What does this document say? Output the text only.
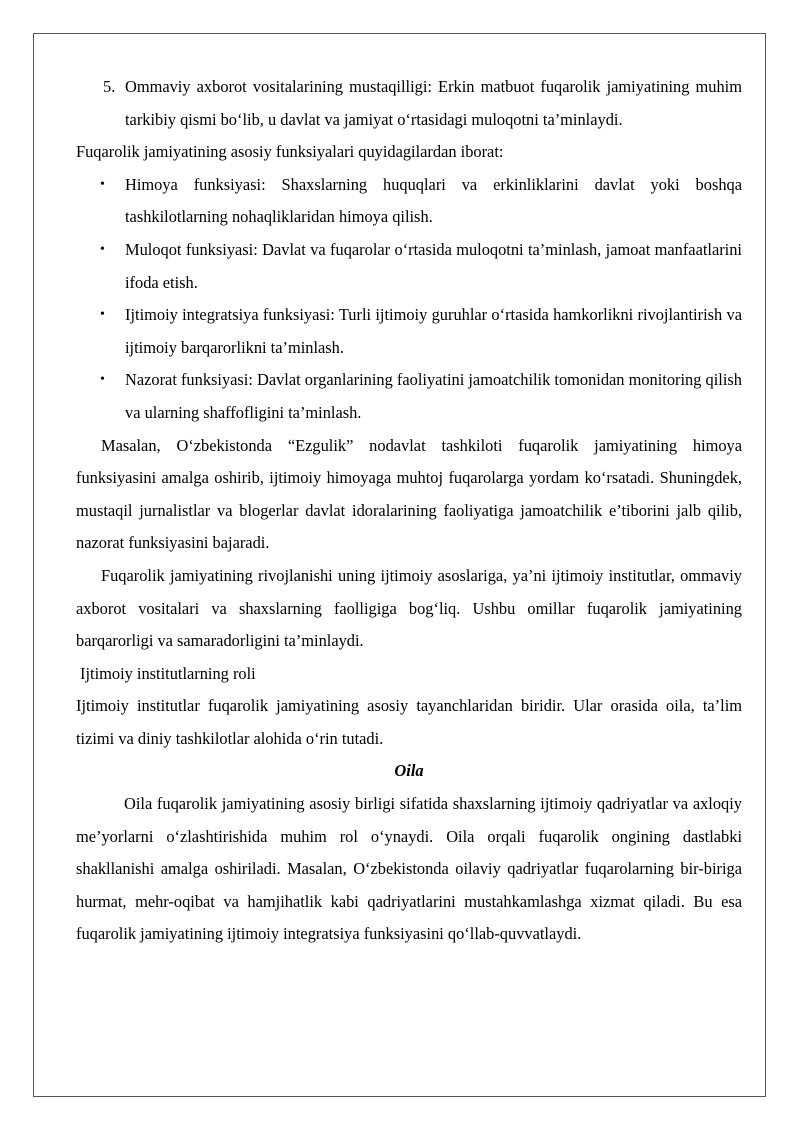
5. Ommaviy axborot vositalarining mustaqilligi: Erkin matbuot fuqarolik jamiyatining muhim tarkibiy qismi bo‘lib, u davlat va jamiyat o‘rtasidagi muloqotni ta’minlaydi.

Fuqarolik jamiyatining asosiy funksiyalari quyidagilardan iborat:

• Himoya funksiyasi: Shaxslarning huquqlari va erkinliklarini davlat yoki boshqa tashkilotlarning nohaqliklaridan himoya qilish.
• Muloqot funksiyasi: Davlat va fuqarolar o‘rtasida muloqotni ta’minlash, jamoat manfaatlarini ifoda etish.
• Ijtimoiy integratsiya funksiyasi: Turli ijtimoiy guruhlar o‘rtasida hamkorlikni rivojlantirish va ijtimoiy barqarorlikni ta’minlash.
• Nazorat funksiyasi: Davlat organlarining faoliyatini jamoatchilik tomonidan monitoring qilish va ularning shaffofligini ta’minlash.

Masalan, O‘zbekistonda “Ezgulik” nodavlat tashkiloti fuqarolik jamiyatining himoya funksiyasini amalga oshirib, ijtimoiy himoyaga muhtoj fuqarolarga yordam ko‘rsatadi. Shuningdek, mustaqil jurnalistlar va blogerlar davlat idoralarining faoliyatiga jamoatchilik e’tiborini jalb qilib, nazorat funksiyasini bajaradi.

Fuqarolik jamiyatining rivojlanishi uning ijtimoiy asoslariga, ya’ni ijtimoiy institutlar, ommaviy axborot vositalari va shaxslarning faolligiga bog‘liq. Ushbu omillar fuqarolik jamiyatining barqarorligi va samaradorligini ta’minlaydi.

Ijtimoiy institutlarning roli

Ijtimoiy institutlar fuqarolik jamiyatining asosiy tayanchlaridan biridir. Ular orasida oila, ta’lim tizimi va diniy tashkilotlar alohida o‘rin tutadi.

Oila

Oila fuqarolik jamiyatining asosiy birligi sifatida shaxslarning ijtimoiy qadriyatlar va axloqiy me’yorlarni o‘zlashtirishida muhim rol o‘ynaydi. Oila orqali fuqarolik ongining dastlabki shakllanishi amalga oshiriladi. Masalan, O‘zbekistonda oilaviy qadriyatlar fuqarolarning bir-biriga hurmat, mehr-oqibat va hamjihatlik kabi qadriyatlarini mustahkamlashga xizmat qiladi. Bu esa fuqarolik jamiyatining ijtimoiy integratsiya funksiyasini qo‘llab-quvvatlaydi.
